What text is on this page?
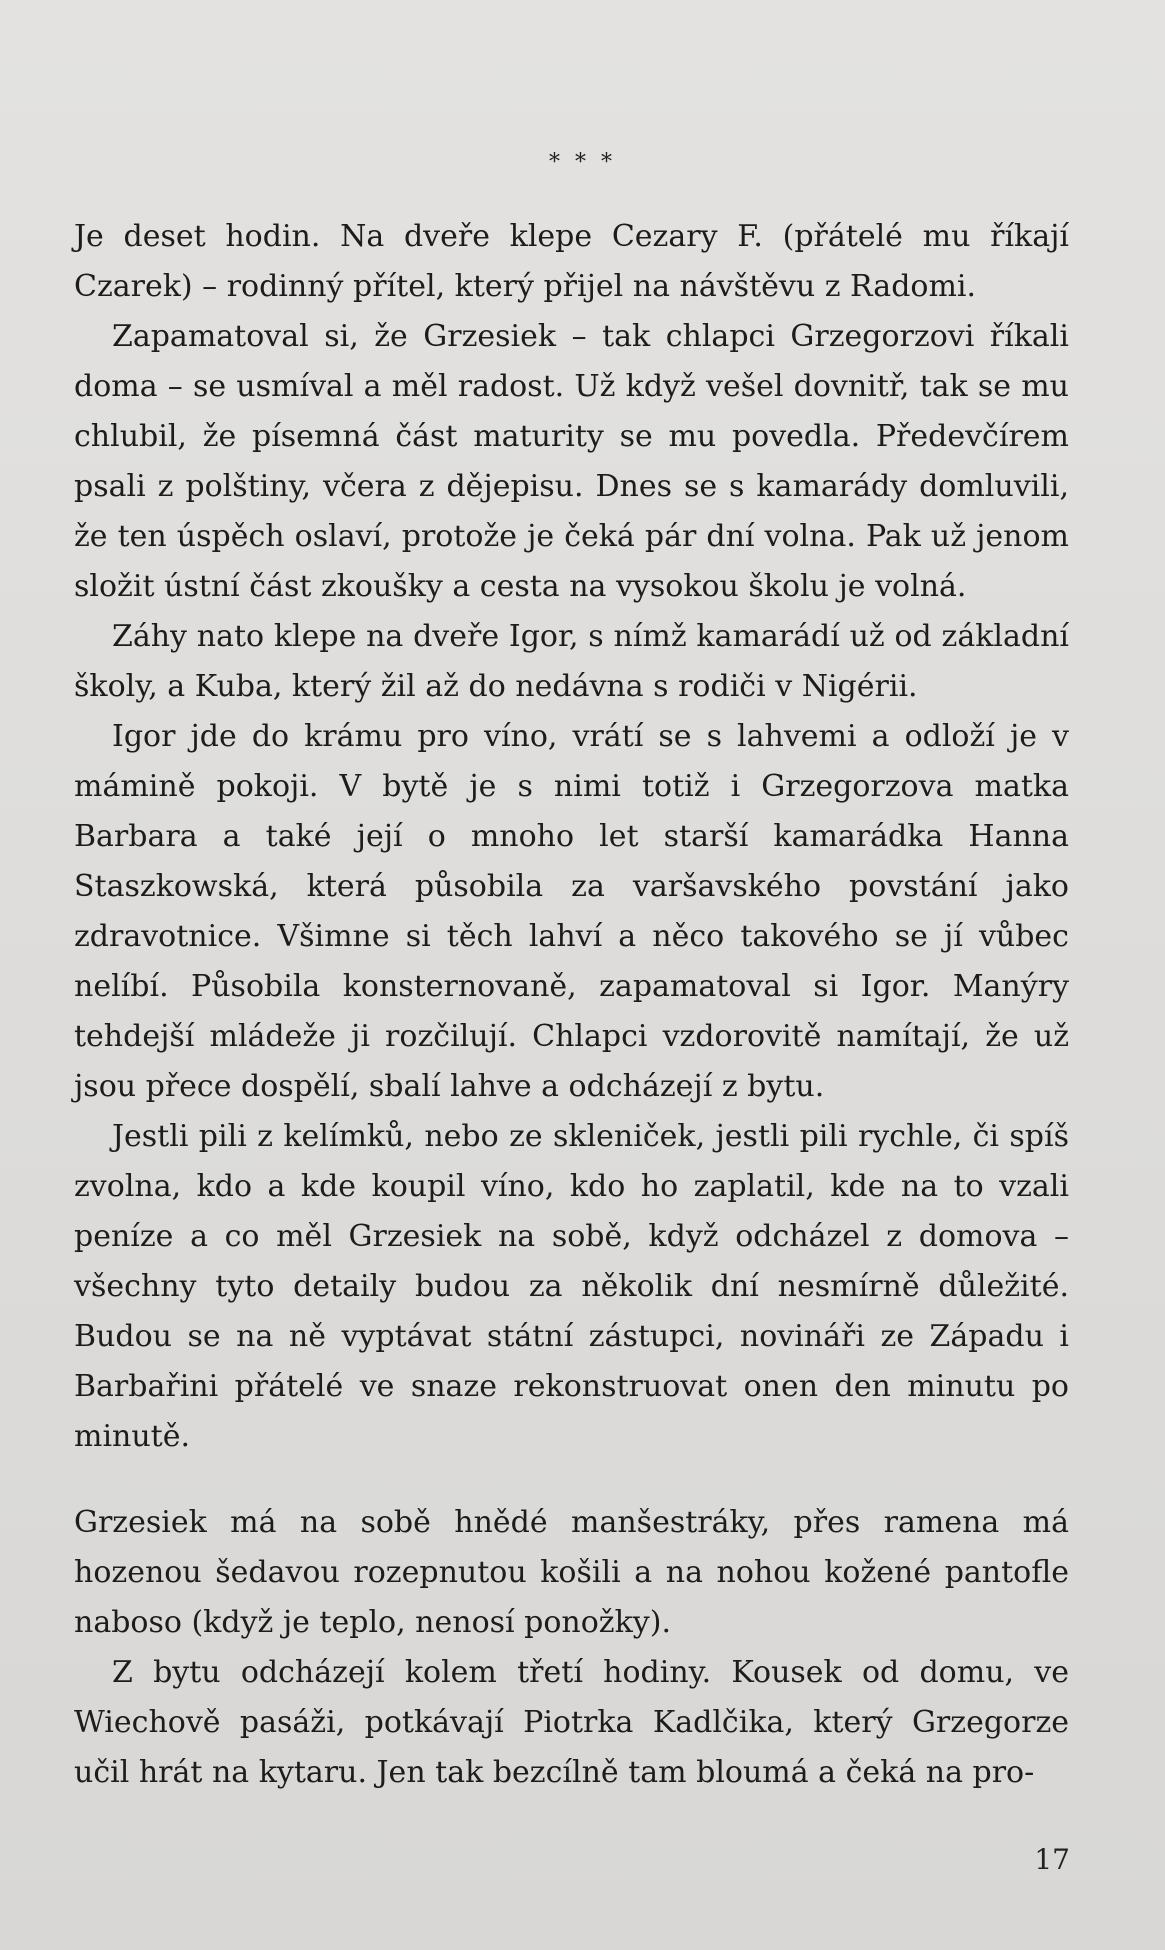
* * *

Je deset hodin. Na dveře klepe Cezary F. (přátelé mu říkají Czarek) – rodinný přítel, který přijel na návštěvu z Radomi.

Zapamatoval si, že Grzesiek – tak chlapci Grzegorzovi říkali doma – se usmíval a měl radost. Už když vešel dovnitř, tak se mu chlubil, že písemná část maturity se mu povedla. Předevčírem psali z polštiny, včera z dějepisu. Dnes se s kamarády domluvili, že ten úspěch oslaví, protože je čeká pár dní volna. Pak už jenom složit ústní část zkoušky a cesta na vysokou školu je volná.

Záhy nato klepe na dveře Igor, s nímž kamarádí už od základní školy, a Kuba, který žil až do nedávna s rodiči v Nigérii.

Igor jde do krámu pro víno, vrátí se s lahvemi a odloží je v mámině pokoji. V bytě je s nimi totiž i Grzegorzova matka Barbara a také její o mnoho let starší kamarádka Hanna Staszkowská, která působila za varšavského povstání jako zdravotnice. Všimne si těch lahví a něco takového se jí vůbec nelíbí. Působila konsternovaně, zapamatoval si Igor. Manýry tehdejší mládeže ji rozčilují. Chlapci vzdorovitě namítají, že už jsou přece dospělí, sbalí lahve a odcházejí z bytu.

Jestli pili z kelímků, nebo ze skleniček, jestli pili rychle, či spíš zvolna, kdo a kde koupil víno, kdo ho zaplatil, kde na to vzali peníze a co měl Grzesiek na sobě, když odcházel z domova – všechny tyto detaily budou za několik dní nesmírně důležité. Budou se na ně vyptávat státní zástupci, novináři ze Západu i Barbařini přátelé ve snaze rekonstruovat onen den minutu po minutě.

Grzesiek má na sobě hnědé manšestráky, přes ramena má hozenou šedavou rozepnutou košili a na nohou kožené pantofle naboso (když je teplo, nenosí ponožky).

Z bytu odcházejí kolem třetí hodiny. Kousek od domu, ve Wiechově pasáži, potkávají Piotrka Kadlčika, který Grzegorze učil hrát na kytaru. Jen tak bezcílně tam bloumá a čeká na pro-

17
